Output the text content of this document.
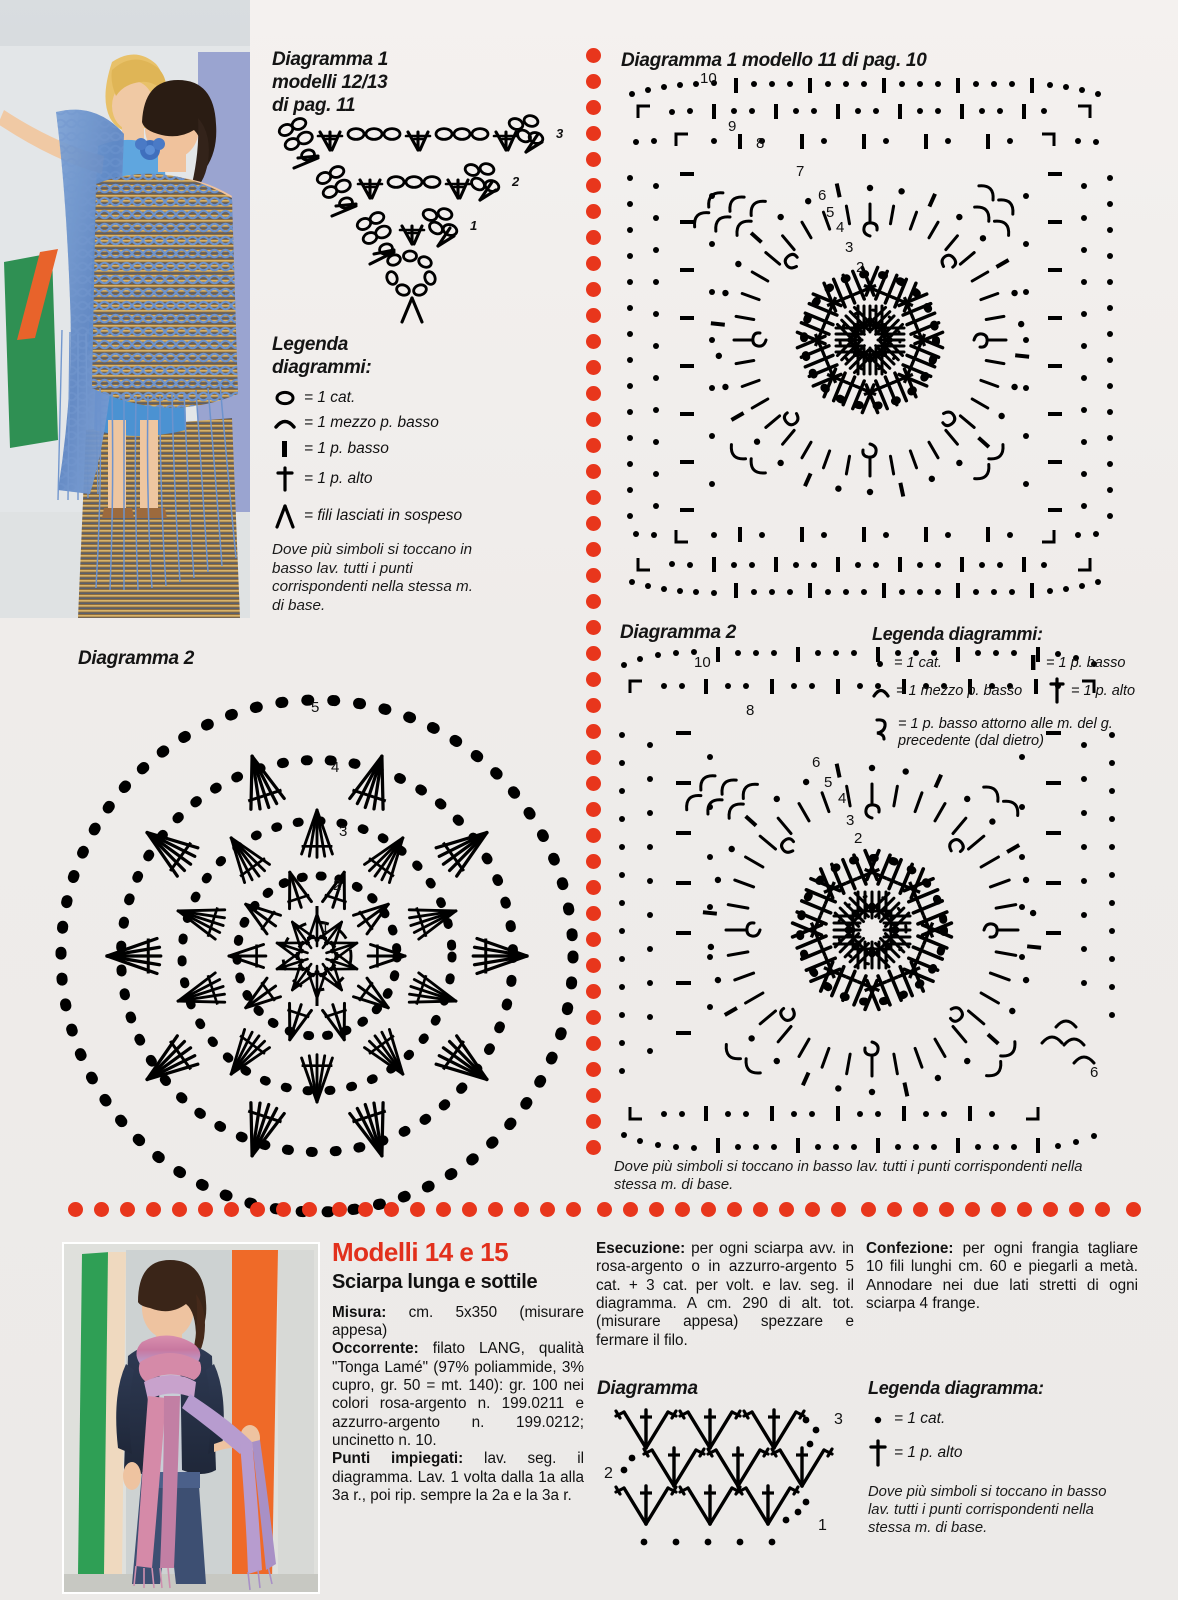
Diagramma 1
modelli 12/13
di pag. 11
3
2
1
Legenda
diagrammi:
= 1 cat.
= 1 mezzo p. basso
= 1 p. basso
= 1 p. alto
= fili lasciati in sospeso
Dove più simboli si toccano in basso lav. tutti i punti corrispondenti nella stessa m. di base.
Diagramma 2
1
2
3
4
5
Diagramma 1 modello 11 di pag. 10
10
9
8
7
6
5
4
3
2
Diagramma 2
10
8
6
5
4
3
2
6
Legenda diagrammi:
= 1 cat.	= 1 p. basso
= 1 mezzo p. basso	= 1 p. alto
= 1 p. basso attorno alle m. del g. precedente (dal dietro)
Dove più simboli si toccano in basso lav. tutti i punti corrispondenti nella stessa m. di base.

Modelli 14 e 15
Sciarpa lunga e sottile

Misura: cm. 5x350 (misurare appesa)

Occorrente: filato LANG, qualità "Tonga Lamé" (97% poliammide, 3% cupro, gr. 50 = mt. 140): gr. 100 nei colori rosa-argento n. 199.0211 e azzurro-argento n. 199.0212; uncinetto n. 10.

Punti impiegati: lav. seg. il diagramma. Lav. 1 volta dalla 1a alla 3a r., poi rip. sempre la 2a e la 3a r.

Esecuzione: per ogni sciarpa avv. in rosa-argento o in azzurro-argento 5 cat. + 3 cat. per volt. e lav. seg. il diagramma. A cm. 290 di alt. tot. (misurare appesa) spezzare e fermare il filo.

Confezione: per ogni frangia tagliare 10 fili lunghi cm. 60 e piegarli a metà. Annodare nei due lati stretti di ogni sciarpa 4 frange.

Diagramma
3
2
1
Legenda diagramma:
= 1 cat.
= 1 p. alto
Dove più simboli si toccano in basso lav. tutti i punti corrispondenti nella stessa m. di base.
